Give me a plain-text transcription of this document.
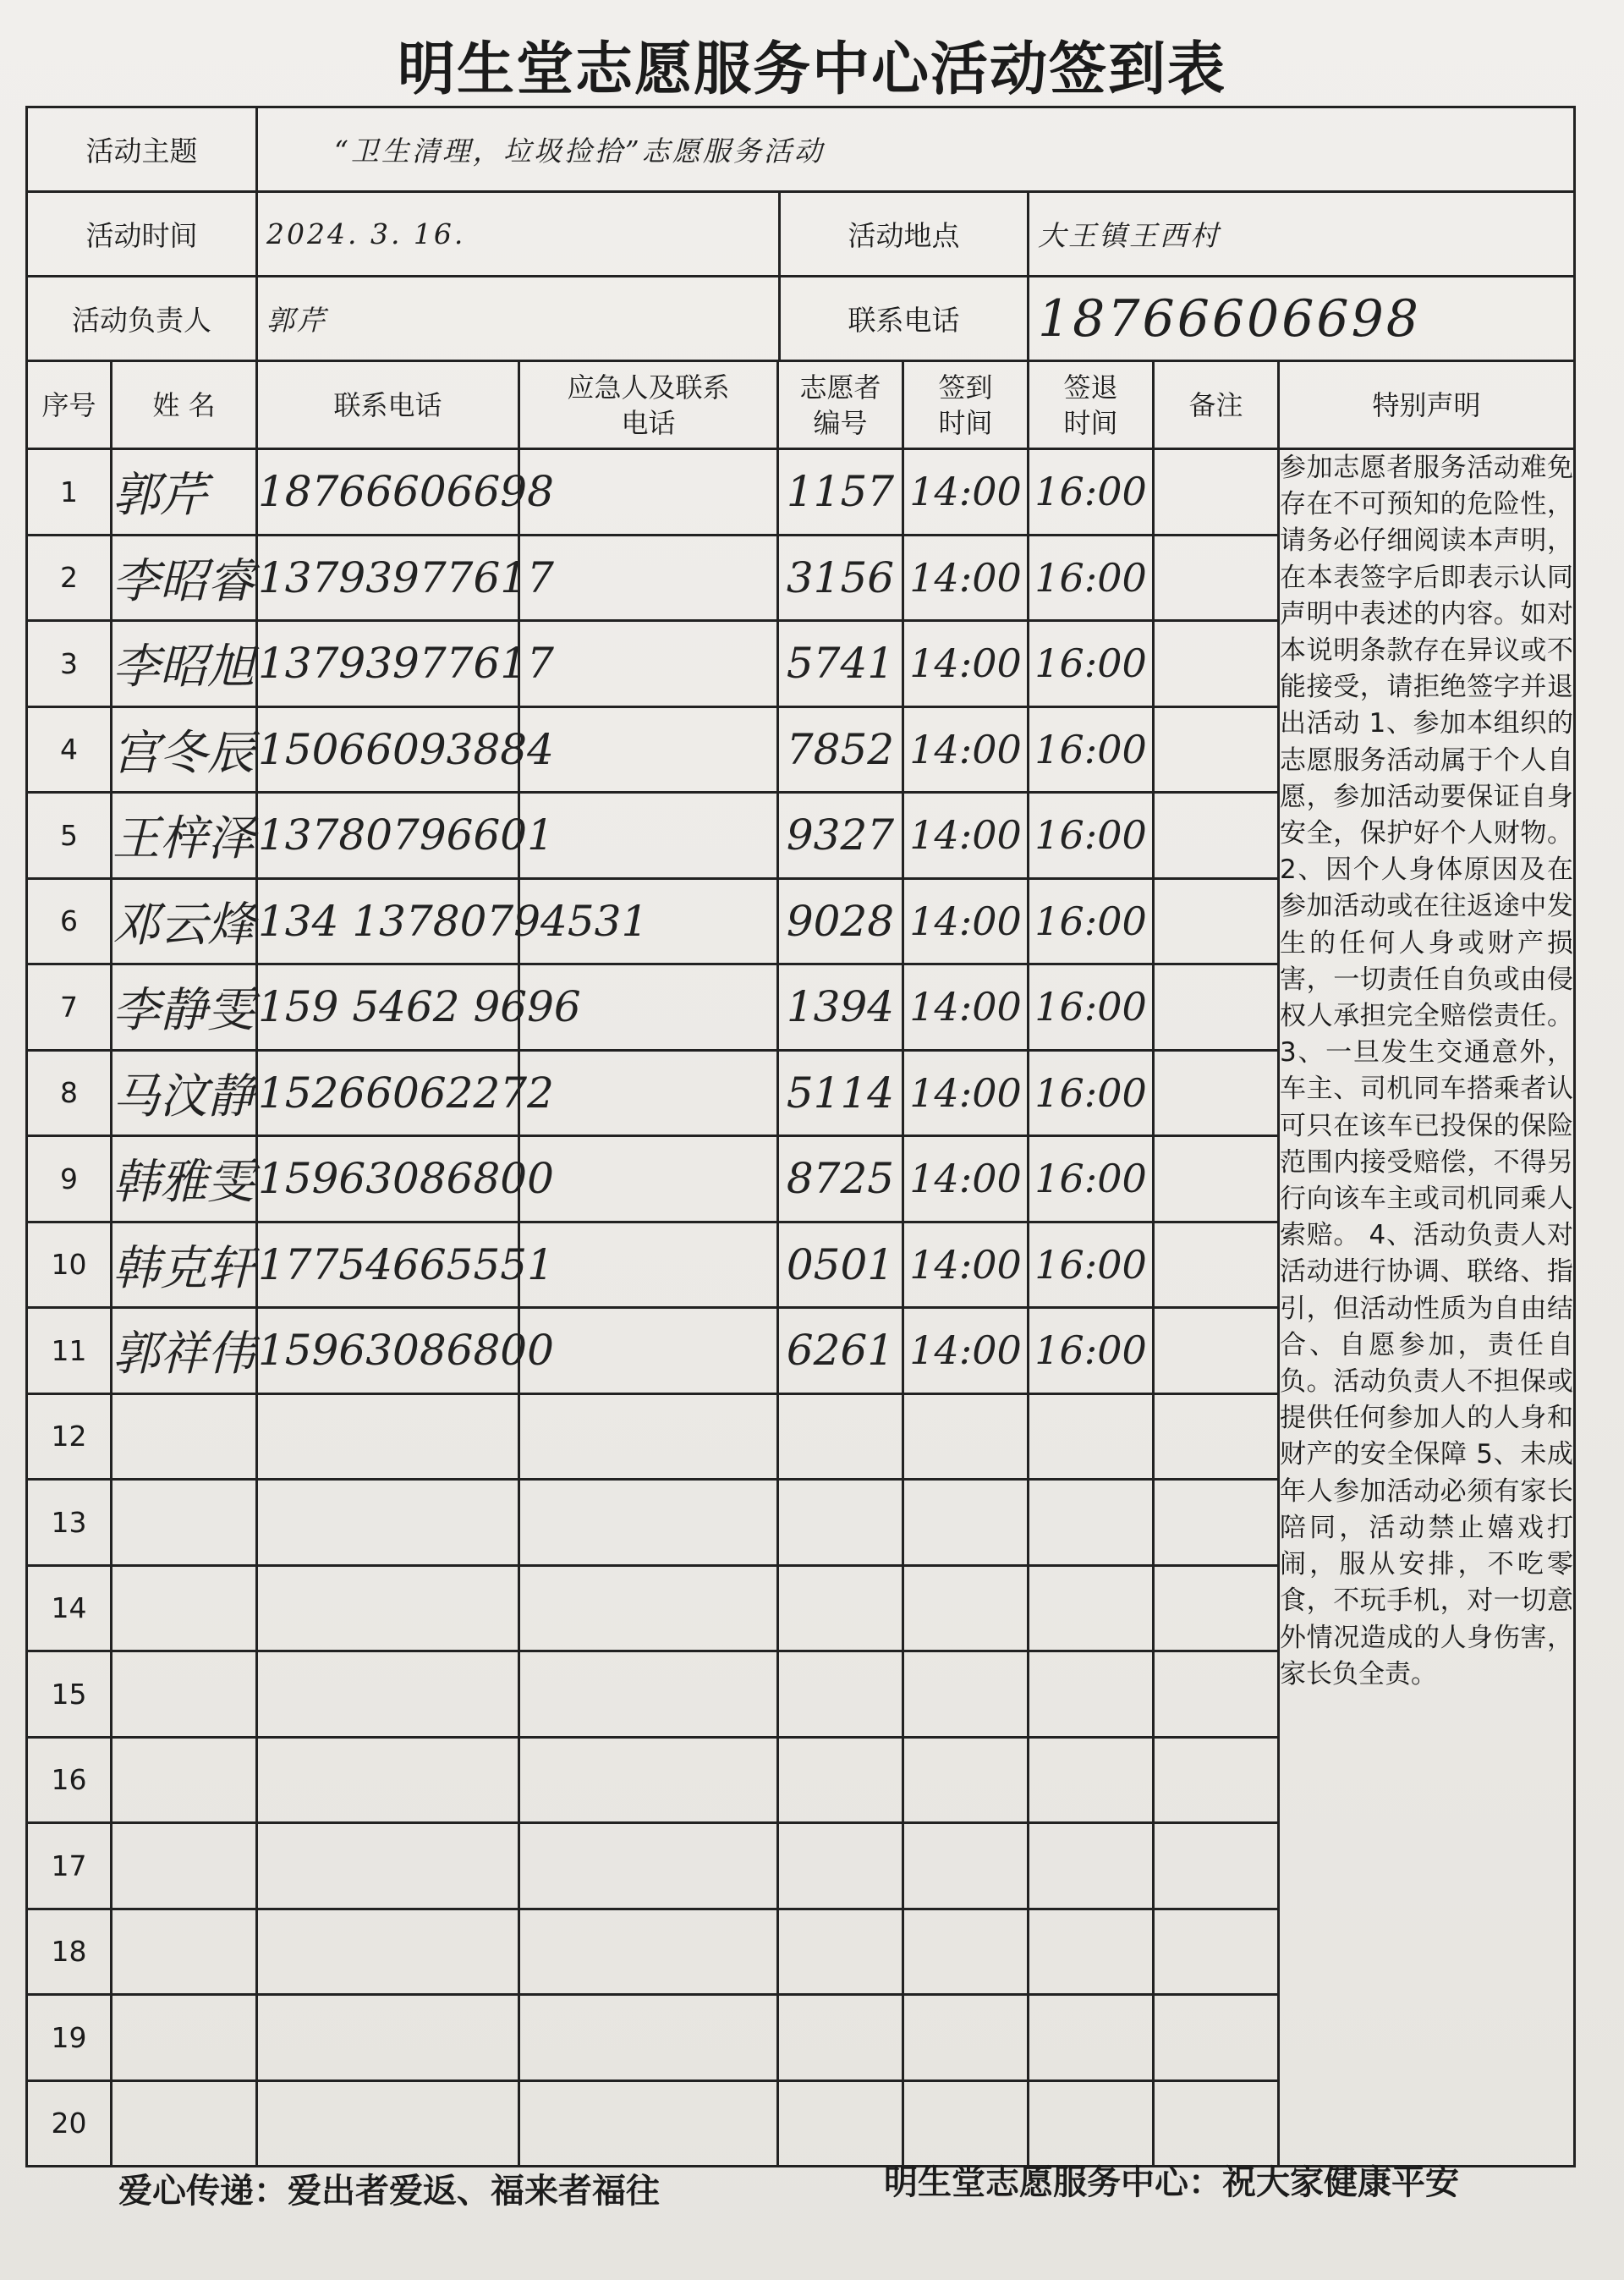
明生堂志愿服务中心活动签到表
活动主题	“卫生清理，垃圾捡拾”志愿服务活动		
活动时间	2024. 3. 16.	活动地点	大王镇王西村
活动负责人	郭芹	联系电话	18766606698
序号	姓 名	联系电话	应急人及联系电话	志愿者编号	签到时间	签退时间	备注	特别声明
1	郭芹	18766606698		1157	14:00	16:00		参加志愿者服务活动难免存在不可预知的危险性，请务必仔细阅读本声明，在本表签字后即表示认同声明中表述的内容。如对本说明条款存在异议或不能接受，请拒绝签字并退出活动 1、参加本组织的志愿服务活动属于个人自愿，参加活动要保证自身安全，保护好个人财物。 2、因个人身体原因及在参加活动或在往返途中发生的任何人身或财产损害，一切责任自负或由侵权人承担完全赔偿责任。 3、一旦发生交通意外，车主、司机同车搭乘者认可只在该车已投保的保险范围内接受赔偿，不得另行向该车主或司机同乘人索赔。 4、活动负责人对活动进行协调、联络、指引，但活动性质为自由结合、自愿参加，责任自负。活动负责人不担保或提供任何参加人的人身和财产的安全保障 5、未成年人参加活动必须有家长陪同，活动禁止嬉戏打闹，服从安排，不吃零食，不玩手机，对一切意外情况造成的人身伤害，家长负全责。
2	李昭睿	13793977617		3156	14:00	16:00		
3	李昭旭	13793977617		5741	14:00	16:00		
4	宫冬辰	15066093884		7852	14:00	16:00		
5	王梓泽	13780796601		9327	14:00	16:00		
6	邓云烽	134 13780794531		9028	14:00	16:00		
7	李静雯	159 5462 9696		1394	14:00	16:00		
8	马汶静	15266062272		5114	14:00	16:00		
9	韩雅雯	15963086800		8725	14:00	16:00		
10	韩克轩	17754665551		0501	14:00	16:00		
11	郭祥伟	15963086800		6261	14:00	16:00		
12								
13								
14								
15								
16								
17								
18								
19								
20								
爱心传递：爱出者爱返、福来者福往	明生堂志愿服务中心：祝大家健康平安
